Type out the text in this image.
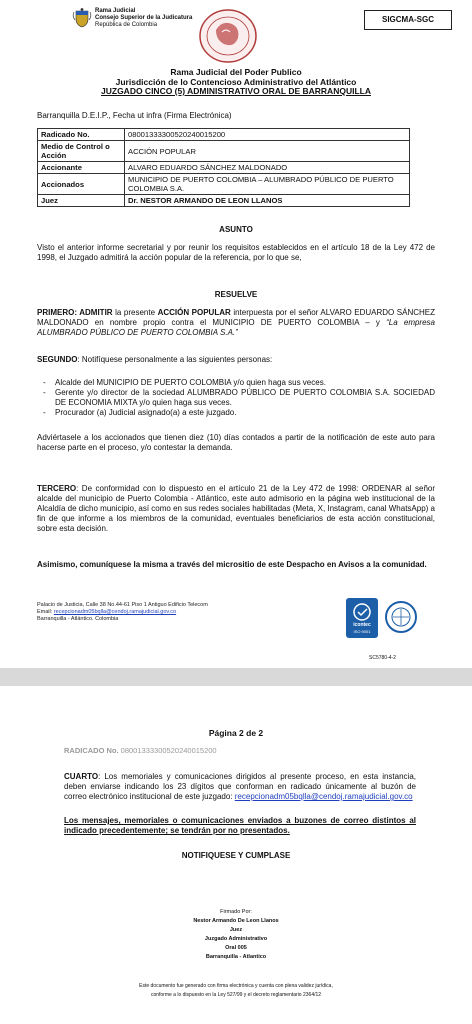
Rama Judicial
Consejo Superior de la Judicatura
República de Colombia
SIGCMA-SGC
Rama Judicial del Poder Publico
Jurisdicción de lo Contencioso Administrativo del Atlántico
JUZGADO CINCO (5) ADMINISTRATIVO ORAL DE BARRANQUILLA
Barranquilla D.E.I.P., Fecha ut infra (Firma Electrónica)
Radicado No.	08001333300520240015200
Medio de Control o Acción	ACCIÓN POPULAR
Accionante	ALVARO EDUARDO SÁNCHEZ MALDONADO
Accionados	MUNICIPIO DE PUERTO COLOMBIA – ALUMBRADO PÚBLICO DE PUERTO COLOMBIA S.A.
Juez	Dr. NESTOR ARMANDO DE LEON LLANOS
ASUNTO
Visto el anterior informe secretarial y por reunir los requisitos establecidos en el artículo 18 de la Ley 472 de 1998, el Juzgado admitirá la acción popular de la referencia, por lo que se,
RESUELVE
PRIMERO: ADMITIR la presente ACCIÓN POPULAR interpuesta por el señor ALVARO EDUARDO SÁNCHEZ MALDONADO en nombre propio contra el MUNICIPIO DE PUERTO COLOMBIA – y “La empresa ALUMBRADO PÚBLICO DE PUERTO COLOMBIA S.A.”
SEGUNDO: Notifíquese personalmente a las siguientes personas:
- Alcalde del MUNICIPIO DE PUERTO COLOMBIA y/o quien haga sus veces.
- Gerente y/o director de la sociedad ALUMBRADO PÚBLICO DE PUERTO COLOMBIA S.A. SOCIEDAD DE ECONOMIA MIXTA y/o quien haga sus veces.
- Procurador (a) Judicial asignado(a) a este juzgado.
Adviértasele a los accionados que tienen diez (10) días contados a partir de la notificación de este auto para hacerse parte en el proceso, y/o contestar la demanda.
TERCERO: De conformidad con lo dispuesto en el artículo 21 de la Ley 472 de 1998: ORDENAR al señor alcalde del municipio de Puerto Colombia - Atlántico, este auto admisorio en la página web institucional de la Alcaldía de dicho municipio, así como en sus redes sociales habilitadas (Meta, X, Instagram, canal WhatsApp) a fin de que informe a los miembros de la comunidad, eventuales beneficiarios de esta acción constitucional, sobre esta decisión.
Asimismo, comuníquese la misma a través del micrositio de este Despacho en Avisos a la comunidad.
Palacio de Justicia, Calle 38 No.44-61 Piso 1 Antiguo Edificio Telecom
Email: recepcionadm05bqlla@cendoj.ramajudicial.gov.co
Barranquilla - Atlántico. Colombia
icontec
ISO 9001
SC5780-4-2
Página 2 de 2
RADICADO No. 08001333300520240015200
CUARTO: Los memoriales y comunicaciones dirigidos al presente proceso, en esta instancia, deben enviarse indicando los 23 dígitos que conforman en radicado únicamente al buzón de correo electrónico institucional de este juzgado: recepcionadm05bqlla@cendoj.ramajudicial.gov.co
Los mensajes, memoriales o comunicaciones enviados a buzones de correo distintos al indicado precedentemente; se tendrán por no presentados.
NOTIFIQUESE Y CUMPLASE
Firmado Por:
Nestor Armando De Leon Llanos
Juez
Juzgado Administrativo
Oral 005
Barranquilla - Atlantico
Este documento fue generado con firma electrónica y cuenta con plena validez jurídica,
conforme a lo dispuesto en la Ley 527/99 y el decreto reglamentario 2364/12
